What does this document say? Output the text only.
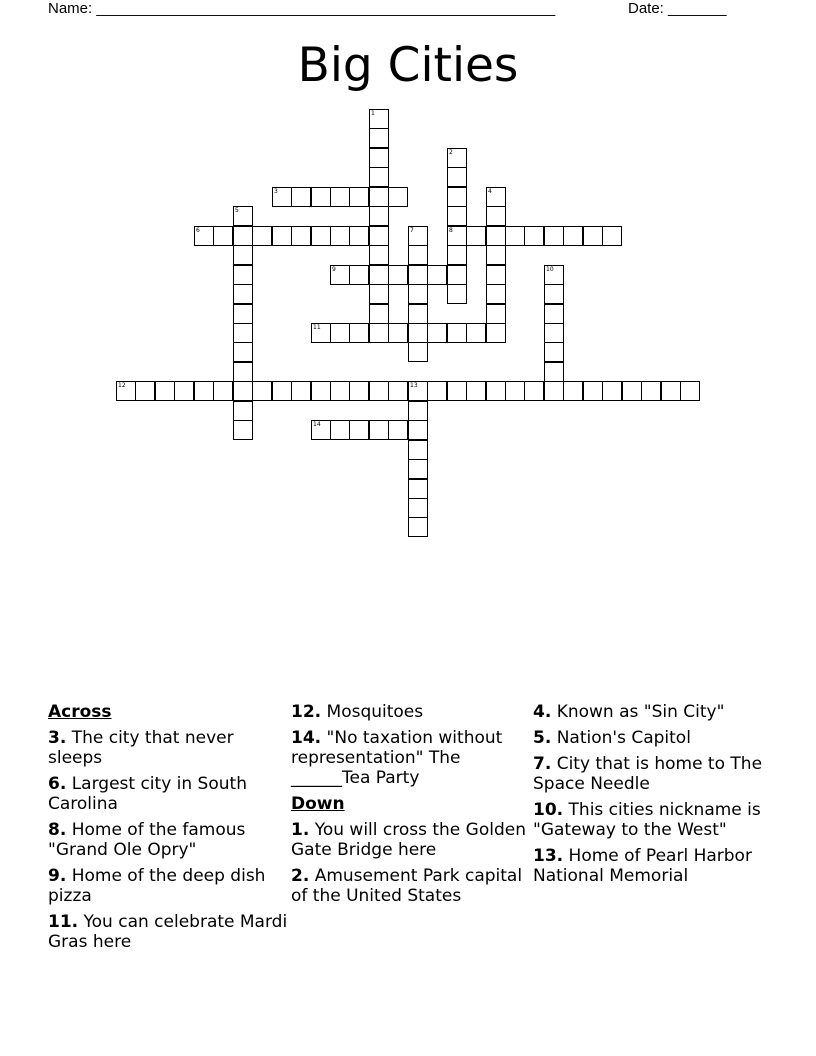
Name: _______________________________________________________	Date: _______
Big Cities
1
2
8
3	4
5
6	7
9	10
11
12	13
14
Across
3. The city that never sleeps
6. Largest city in South Carolina
8. Home of the famous "Grand Ole Opry"
9. Home of the deep dish pizza
11. You can celebrate Mardi Gras here
12. Mosquitoes
14. "No taxation without representation" The ______Tea Party
Down
1. You will cross the Golden Gate Bridge here
2. Amusement Park capital of the United States
4. Known as "Sin City"
5. Nation's Capitol
7. City that is home to The Space Needle
10. This cities nickname is "Gateway to the West"
13. Home of Pearl Harbor National Memorial
